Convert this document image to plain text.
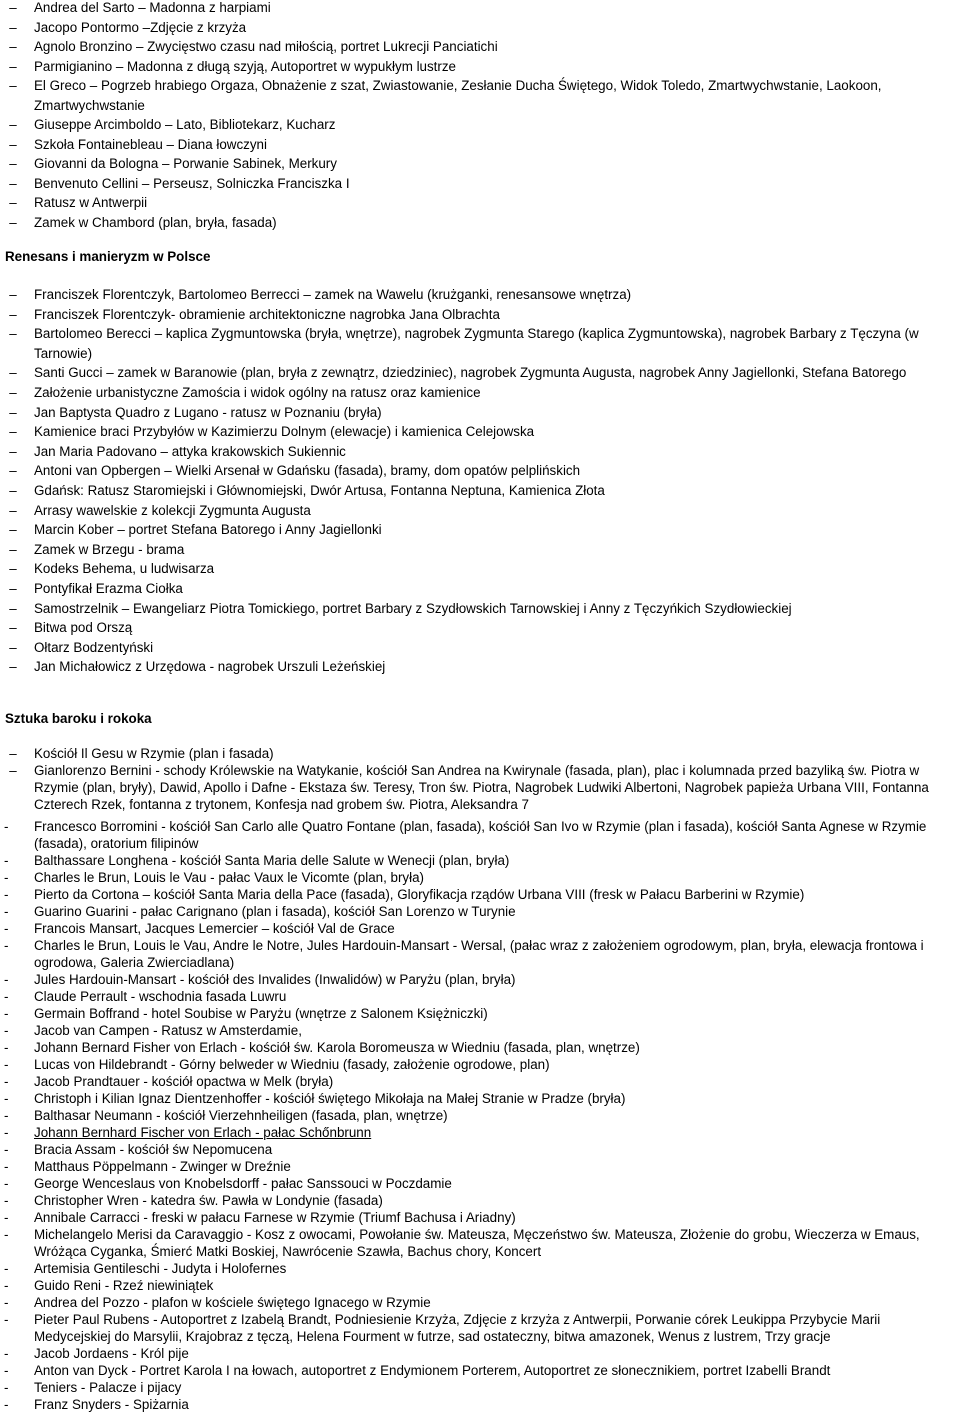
–	Andrea del Sarto – Madonna z harpiami
–	Jacopo Pontormo –Zdjęcie z krzyża
–	Agnolo Bronzino – Zwycięstwo czasu nad miłością, portret Lukrecji Panciatichi
–	Parmigianino – Madonna z długą szyją, Autoportret w wypukłym lustrze
–	El Greco – Pogrzeb hrabiego Orgaza, Obnażenie z szat, Zwiastowanie, Zesłanie Ducha Świętego, Widok Toledo, Zmartwychwstanie, Laokoon, Zmartwychwstanie
–	Giuseppe Arcimboldo – Lato, Bibliotekarz, Kucharz
–	Szkoła Fontainebleau – Diana łowczyni
–	Giovanni da Bologna – Porwanie Sabinek, Merkury
–	Benvenuto Cellini – Perseusz, Solniczka Franciszka I
–	Ratusz w Antwerpii
–	Zamek w Chambord (plan, bryła, fasada)
Renesans i manieryzm w Polsce
–	Franciszek Florentczyk, Bartolomeo Berrecci – zamek na Wawelu (krużganki, renesansowe wnętrza)
–	Franciszek Florentczyk- obramienie architektoniczne nagrobka Jana Olbrachta
–	Bartolomeo Berecci – kaplica Zygmuntowska (bryła, wnętrze), nagrobek Zygmunta Starego (kaplica Zygmuntowska), nagrobek Barbary z Tęczyna (w Tarnowie)
–	Santi Gucci – zamek w Baranowie (plan, bryła z zewnątrz, dziedziniec), nagrobek Zygmunta Augusta, nagrobek Anny Jagiellonki, Stefana Batorego
–	Założenie urbanistyczne Zamościa i widok ogólny na ratusz oraz kamienice
–	Jan Baptysta Quadro z Lugano - ratusz w Poznaniu (bryła)
–	Kamienice braci Przybyłów w Kazimierzu Dolnym (elewacje) i kamienica Celejowska
–	Jan Maria Padovano – attyka krakowskich Sukiennic
–	Antoni van Opbergen – Wielki Arsenał w Gdańsku (fasada), bramy, dom opatów pelplińskich
–	Gdańsk: Ratusz Staromiejski i Głównomiejski, Dwór Artusa, Fontanna Neptuna, Kamienica Złota
–	Arrasy wawelskie z kolekcji Zygmunta Augusta
–	Marcin Kober – portret Stefana Batorego i Anny Jagiellonki
–	Zamek w Brzegu - brama
–	Kodeks Behema, u ludwisarza
–	Pontyfikał Erazma Ciołka
–	Samostrzelnik – Ewangeliarz Piotra Tomickiego, portret Barbary z Szydłowskich Tarnowskiej i Anny z Tęczyńkich Szydłowieckiej
–	Bitwa pod Orszą
–	Ołtarz Bodzentyński
–	Jan Michałowicz z Urzędowa - nagrobek Urszuli Leżeńskiej
Sztuka baroku i rokoka
–	Kościół Il Gesu w Rzymie (plan i fasada)
–	Gianlorenzo Bernini - schody Królewskie na Watykanie, kościół San Andrea na Kwirynale (fasada, plan), plac i kolumnada przed bazyliką św. Piotra w Rzymie (plan, bryły), Dawid, Apollo i Dafne - Ekstaza św. Teresy, Tron św. Piotra, Nagrobek Ludwiki Albertoni, Nagrobek papieża Urbana VIII, Fontanna Czterech Rzek, fontanna z trytonem, Konfesja nad grobem św. Piotra, Aleksandra 7
-	Francesco Borromini - kościół San Carlo alle Quatro Fontane (plan, fasada), kościół San Ivo w Rzymie (plan i fasada), kościół Santa Agnese w Rzymie (fasada), oratorium filipinów
-	Balthassare Longhena - kościół Santa Maria delle Salute w Wenecji (plan, bryła)
-	Charles le Brun, Louis le Vau - pałac Vaux le Vicomte (plan, bryła)
-	Pierto da Cortona – kościół Santa Maria della Pace (fasada), Gloryfikacja rządów Urbana VIII (fresk w Pałacu Barberini w Rzymie)
-	Guarino Guarini - pałac Carignano (plan i fasada), kościół San Lorenzo w Turynie
-	Francois Mansart, Jacques Lemercier – kościół Val de Grace
-	Charles le Brun, Louis le Vau, Andre le Notre, Jules Hardouin-Mansart - Wersal, (pałac wraz z założeniem ogrodowym, plan, bryła, elewacja frontowa i ogrodowa, Galeria Zwierciadlana)
-	Jules Hardouin-Mansart - kościół des Invalides (Inwalidów) w Paryżu (plan, bryła)
-	Claude Perrault - wschodnia fasada Luwru
-	Germain Boffrand - hotel Soubise w Paryżu (wnętrze z Salonem Księżniczki)
-	Jacob van Campen - Ratusz w Amsterdamie,
-	Johann Bernard Fisher von Erlach - kościół św. Karola Boromeusza w Wiedniu (fasada, plan, wnętrze)
-	Lucas von Hildebrandt - Górny belweder w Wiedniu (fasady, założenie ogrodowe, plan)
-	Jacob Prandtauer - kościół opactwa w Melk (bryła)
-	Christoph i Kilian Ignaz Dientzenhoffer - kościół świętego Mikołaja na Małej Stranie w Pradze (bryła)
-	Balthasar Neumann - kościół Vierzehnheiligen (fasada, plan, wnętrze)
-	Johann Bernhard Fischer von Erlach - pałac Schőnbrunn
-	Bracia Assam - kościół św Nepomucena
-	Matthaus Pöppelmann - Zwinger w Dreźnie
-	George Wenceslaus von Knobelsdorff - pałac Sanssouci w Poczdamie
-	Christopher Wren - katedra św. Pawła w Londynie (fasada)
-	Annibale Carracci - freski w pałacu Farnese w Rzymie (Triumf Bachusa i Ariadny)
-	Michelangelo Merisi da Caravaggio - Kosz z owocami, Powołanie św. Mateusza, Męczeństwo św. Mateusza, Złożenie do grobu, Wieczerza w Emaus, Wróżąca Cyganka, Śmierć Matki Boskiej, Nawrócenie Szawła, Bachus chory, Koncert
-	Artemisia Gentileschi - Judyta i Holofernes
-	Guido Reni - Rzeź niewiniątek
-	Andrea del Pozzo - plafon w kościele świętego Ignacego w Rzymie
-	Pieter Paul Rubens - Autoportret z Izabelą Brandt, Podniesienie Krzyża, Zdjęcie z krzyża z Antwerpii, Porwanie córek Leukippa Przybycie Marii Medycejskiej do Marsylii, Krajobraz z tęczą, Helena Fourment w futrze, sad ostateczny, bitwa amazonek, Wenus z lustrem, Trzy gracje
-	Jacob Jordaens - Król pije
-	Anton van Dyck - Portret Karola I na łowach, autoportret z Endymionem Porterem, Autoportret ze słonecznikiem, portret Izabelli Brandt
-	Teniers - Palacze i pijacy
-	Franz Snyders - Spiżarnia
